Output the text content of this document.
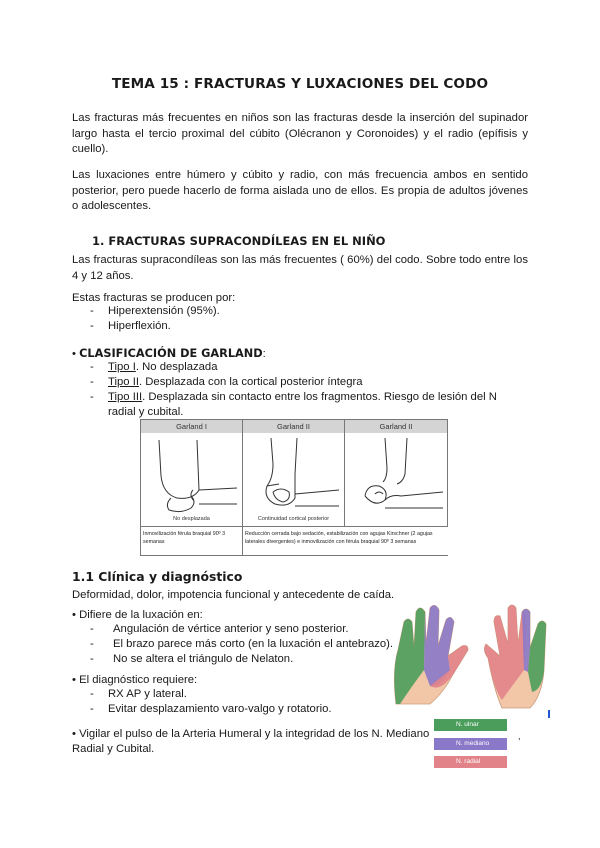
TEMA 15 : FRACTURAS Y LUXACIONES DEL CODO
Las fracturas más frecuentes en niños son las fracturas desde la inserción del supinador largo hasta el tercio proximal del cúbito (Olécranon y Coronoides) y el radio (epífisis y cuello).
Las luxaciones entre húmero y cúbito y radio, con más frecuencia ambos en sentido posterior, pero puede hacerlo de forma aislada uno de ellos. Es propia de adultos jóvenes o adolescentes.
1. FRACTURAS SUPRACONDÍLEAS EN EL NIÑO
Las fracturas supracondíleas son las más frecuentes ( 60%) del codo. Sobre todo entre los 4 y 12 años.
Estas fracturas se producen por:
- Hiperextensión (95%).
- Hiperflexión.
• CLASIFICACIÓN DE GARLAND:
- Tipo I. No desplazada
- Tipo II. Desplazada con la cortical posterior íntegra
- Tipo III. Desplazada sin contacto entre los fragmentos. Riesgo de lesión del N
radial y cubital.
Garland I
No desplazada
Inmovilización férula braquial 90º 3 semanas
Garland II
Continuidad cortical posterior
Reducción cerrada bajo sedación, estabilización con agujas Kirschner (2 agujas laterales divergentes) e inmovilización con férula braquial 90º 3 semanas
Garland II
1.1 Clínica y diagnóstico
Deformidad, dolor, impotencia funcional y antecedente de caída.
• Difiere de la luxación en:
- Angulación de vértice anterior y seno posterior.
- El brazo parece más corto (en la luxación el antebrazo).
- No se altera el triángulo de Nelaton.
• El diagnóstico requiere:
- RX AP y lateral.
- Evitar desplazamiento varo-valgo y rotatorio.
• Vigilar el pulso de la Arteria Humeral y la integridad de los N. Mediano
Radial y Cubital.
N. ulnar
N. mediano
N. radial
,
